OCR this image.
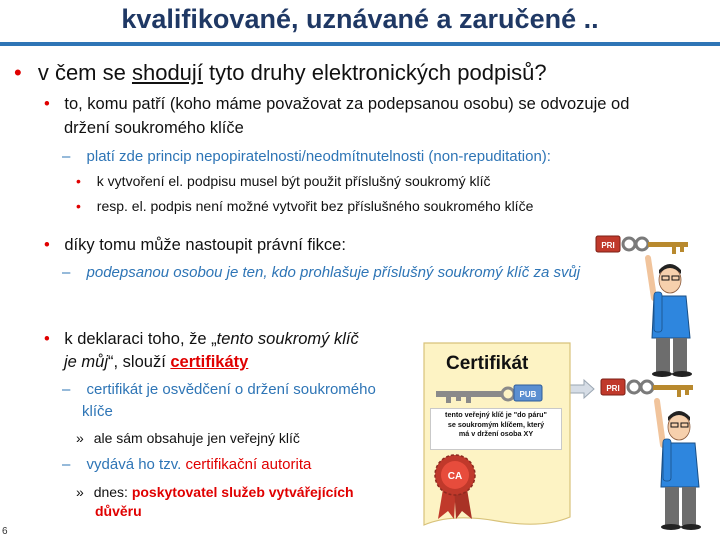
kvalifikované, uznávané a zaručené ..
• v čem se shodují tyto druhy elektronických podpisů?
• to, komu patří (koho máme považovat za podepsanou osobu) se odvozuje od
držení soukromého klíče
– platí zde princip nepopiratelnosti/neodmítnutelnosti (non-repuditation):
• k vytvoření el. podpisu musel být použit příslušný soukromý klíč
• resp. el. podpis není možné vytvořit bez příslušného soukromého klíče
• díky tomu může nastoupit právní fikce:
– podepsanou osobou je ten, kdo prohlašuje příslušný soukromý klíč za svůj
• k deklaraci toho, že „tento soukromý klíč
je můj“, slouží certifikáty
– certifikát je osvědčení o držení soukromého
klíče
» ale sám obsahuje jen veřejný klíč
– vydává ho tzv. certifikační autorita
» dnes: poskytovatel služeb vytvářejících
důvěru
6
PRI
PRI
Certifikát
PUB
tento veřejný klíč je "do páru"
se soukromým klíčem, který
má v držení osoba XY
CA
